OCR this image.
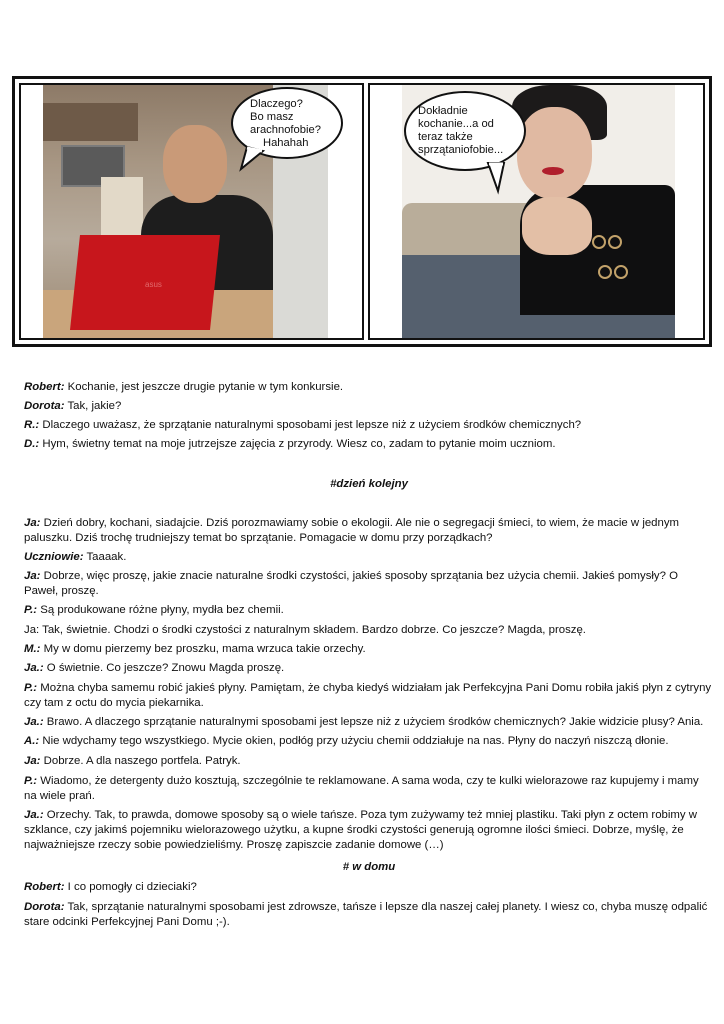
asus
Dlaczego?
Bo masz
arachnofobie?
Hahahah
Dokładnie
kochanie...a od
teraz także
sprzątaniofobie...
Robert: Kochanie, jest jeszcze drugie pytanie w tym konkursie.
Dorota: Tak, jakie?
R.: Dlaczego uważasz, że sprzątanie naturalnymi sposobami jest lepsze niż z użyciem środków chemicznych?
D.: Hym, świetny temat na moje jutrzejsze zajęcia z przyrody. Wiesz co, zadam to pytanie moim uczniom.
#dzień kolejny
Ja: Dzień dobry, kochani, siadajcie. Dziś porozmawiamy sobie o ekologii. Ale nie o segregacji śmieci, to wiem, że macie w jednym paluszku. Dziś trochę trudniejszy temat bo sprzątanie. Pomagacie w domu przy porządkach?
Uczniowie: Taaaak.
Ja: Dobrze, więc proszę, jakie znacie naturalne środki czystości, jakieś sposoby sprzątania bez użycia chemii. Jakieś pomysły? O Paweł, proszę.
P.: Są produkowane różne płyny, mydła bez chemii.
Ja: Tak, świetnie. Chodzi o środki czystości z naturalnym składem. Bardzo dobrze. Co jeszcze? Magda, proszę.
M.: My w domu pierzemy bez proszku, mama wrzuca takie orzechy.
Ja.: O świetnie. Co jeszcze? Znowu Magda proszę.
P.: Można chyba samemu robić jakieś płyny. Pamiętam, że chyba kiedyś widziałam jak Perfekcyjna Pani Domu robiła jakiś płyn z cytryny czy tam z octu do mycia piekarnika.
Ja.: Brawo. A dlaczego sprzątanie naturalnymi sposobami jest lepsze niż z użyciem środków chemicznych? Jakie widzicie plusy? Ania.
A.: Nie wdychamy tego wszystkiego. Mycie okien, podłóg przy użyciu chemii oddziałuje na nas. Płyny do naczyń niszczą dłonie.
Ja: Dobrze. A dla naszego portfela. Patryk.
P.: Wiadomo, że detergenty dużo kosztują, szczególnie te reklamowane. A sama woda, czy te kulki wielorazowe raz kupujemy i mamy na wiele prań.
Ja.: Orzechy. Tak, to prawda, domowe sposoby są o wiele tańsze. Poza tym zużywamy też mniej plastiku. Taki płyn z octem robimy w szklance, czy jakimś pojemniku wielorazowego użytku, a kupne środki czystości generują ogromne ilości śmieci. Dobrze, myślę, że najważniejsze rzeczy sobie powiedzieliśmy. Proszę zapiszcie zadanie domowe (…)
# w domu
Robert: I co pomogły ci dzieciaki?
Dorota: Tak, sprzątanie naturalnymi sposobami jest zdrowsze, tańsze i lepsze dla naszej całej planety. I wiesz co, chyba muszę odpalić stare odcinki Perfekcyjnej Pani Domu ;-).
